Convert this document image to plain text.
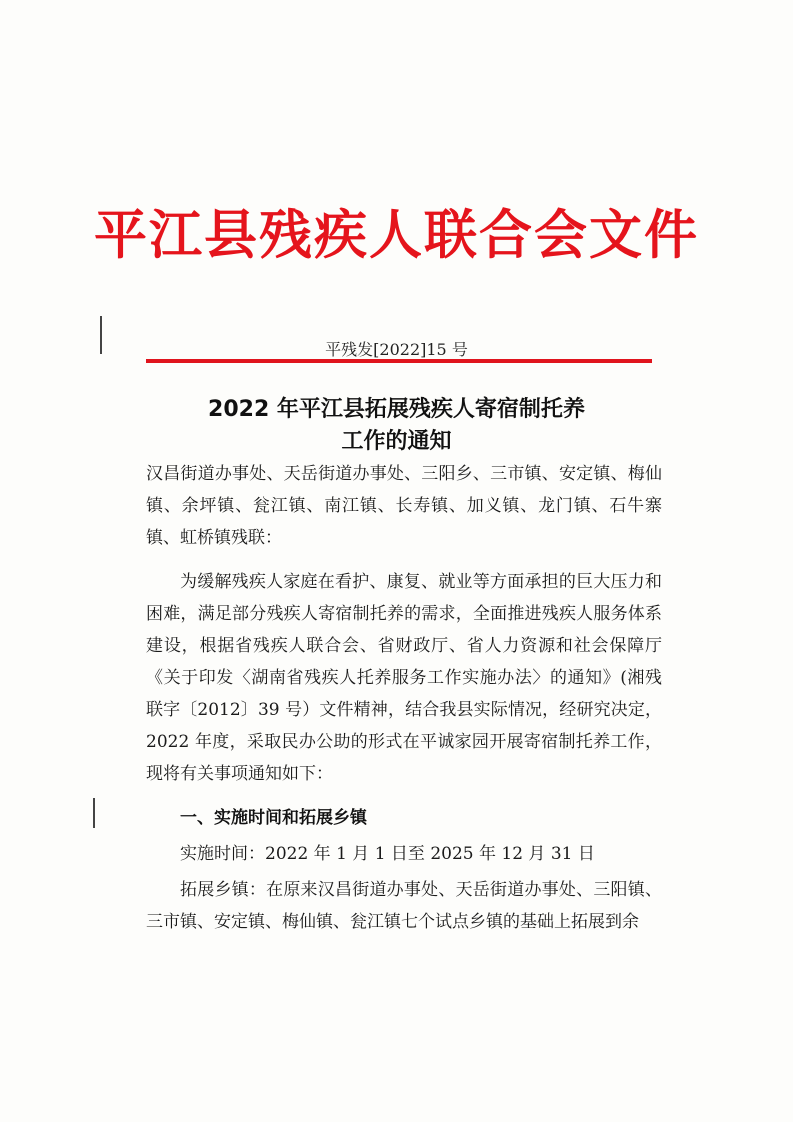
平江县残疾人联合会文件
平残发[2022]15 号
2022 年平江县拓展残疾人寄宿制托养
工作的通知
汉昌街道办事处、天岳街道办事处、三阳乡、三市镇、安定镇、梅仙镇、余坪镇、瓮江镇、南江镇、长寿镇、加义镇、龙门镇、石牛寨镇、虹桥镇残联：
为缓解残疾人家庭在看护、康复、就业等方面承担的巨大压力和困难，满足部分残疾人寄宿制托养的需求，全面推进残疾人服务体系建设，根据省残疾人联合会、省财政厅、省人力资源和社会保障厅《关于印发〈湖南省残疾人托养服务工作实施办法〉的通知》(湘残联字〔2012〕39 号）文件精神，结合我县实际情况，经研究决定，2022 年度，采取民办公助的形式在平诚家园开展寄宿制托养工作，现将有关事项通知如下：
一、实施时间和拓展乡镇
实施时间：2022 年 1 月 1 日至 2025 年 12 月 31 日
拓展乡镇：在原来汉昌街道办事处、天岳街道办事处、三阳镇、三市镇、安定镇、梅仙镇、瓮江镇七个试点乡镇的基础上拓展到余
